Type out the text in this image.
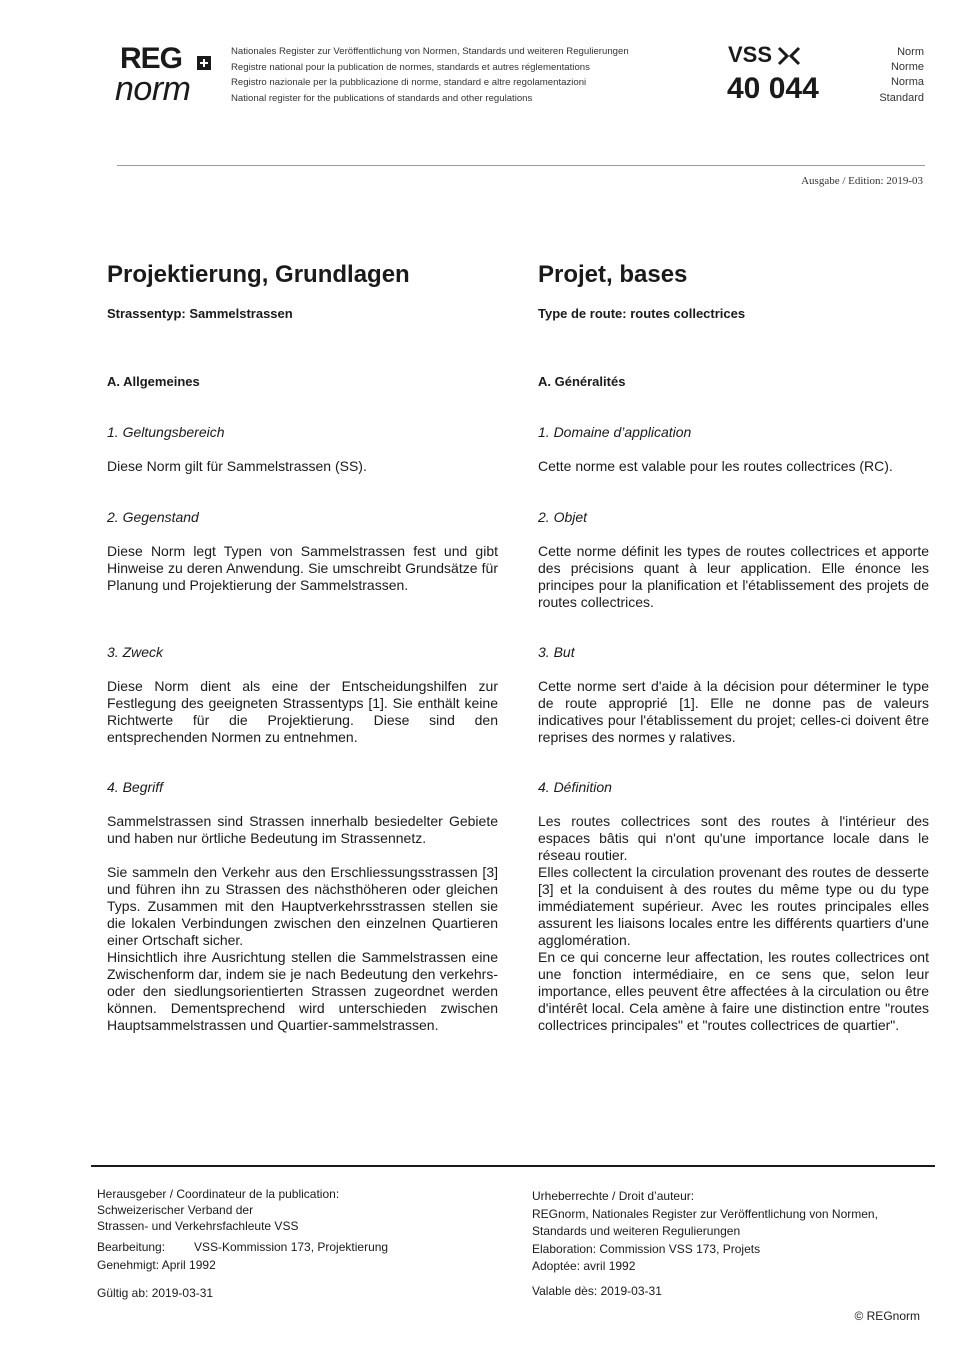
REG
norm
Nationales Register zur Veröffentlichung von Normen, Standards und weiteren Regulierungen
Registre national pour la publication de normes, standards et autres réglementations
Registro nazionale per la pubblicazione di norme, standard e altre regolamentazioni
National register for the publications of standards and other regulations
VSS
40 044
Norm
Norme
Norma
Standard
Ausgabe / Edition: 2019-03
Projektierung, Grundlagen
Strassentyp: Sammelstrassen
A. Allgemeines
1. Geltungsbereich
Diese Norm gilt für Sammelstrassen (SS).
2. Gegenstand
Diese Norm legt Typen von Sammelstrassen fest und gibt Hinweise zu deren Anwendung. Sie umschreibt Grundsätze für Planung und Projektierung der Sammelstrassen.
3. Zweck
Diese Norm dient als eine der Entscheidungshilfen zur Festlegung des geeigneten Strassentyps [1]. Sie enthält keine Richtwerte für die Projektierung. Diese sind den entsprechenden Normen zu entnehmen.
4. Begriff
Sammelstrassen sind Strassen innerhalb besiedelter Gebiete und haben nur örtliche Bedeutung im Strassennetz.
Sie sammeln den Verkehr aus den Erschliessungsstrassen [3] und führen ihn zu Strassen des nächsthöheren oder gleichen Typs. Zusammen mit den Hauptverkehrsstrassen stellen sie die lokalen Verbindungen zwischen den einzelnen Quartieren einer Ortschaft sicher.
Hinsichtlich ihre Ausrichtung stellen die Sammelstrassen eine Zwischenform dar, indem sie je nach Bedeutung den verkehrs- oder den siedlungsorientierten Strassen zugeordnet werden können. Dementsprechend wird unterschieden zwischen Hauptsammelstrassen und Quartier-sammelstrassen.
Projet, bases
Type de route: routes collectrices
A. Généralités
1. Domaine d’application
Cette norme est valable pour les routes collectrices (RC).
2. Objet
Cette norme définit les types de routes collectrices et apporte des précisions quant à leur application. Elle énonce les principes pour la planification et l'établissement des projets de routes collectrices.
3. But
Cette norme sert d'aide à la décision pour déterminer le type de route approprié [1]. Elle ne donne pas de valeurs indicatives pour l'établissement du projet; celles-ci doivent être reprises des normes y ralatives.
4. Définition
Les routes collectrices sont des routes à l'intérieur des espaces bâtis qui n'ont qu'une importance locale dans le réseau routier.
Elles collectent la circulation provenant des routes de desserte [3] et la conduisent à des routes du même type ou du type immédiatement supérieur. Avec les routes principales elles assurent les liaisons locales entre les différents quartiers d'une agglomération.
En ce qui concerne leur affectation, les routes collectrices ont une fonction intermédiaire, en ce sens que, selon leur importance, elles peuvent être affectées à la circulation ou être d'intérêt local. Cela amène à faire une distinction entre "routes collectrices principales" et "routes collectrices de quartier".
Herausgeber / Coordinateur de la publication:
Schweizerischer Verband der
Strassen- und Verkehrsfachleute VSS
Bearbeitung: VSS-Kommission 173, Projektierung
Genehmigt: April 1992
Gültig ab: 2019-03-31
Urheberrechte / Droit d’auteur:
REGnorm, Nationales Register zur Veröffentlichung von Normen,
Standards und weiteren Regulierungen
Elaboration: Commission VSS 173, Projets
Adoptée: avril 1992
Valable dès: 2019-03-31
© REGnorm
